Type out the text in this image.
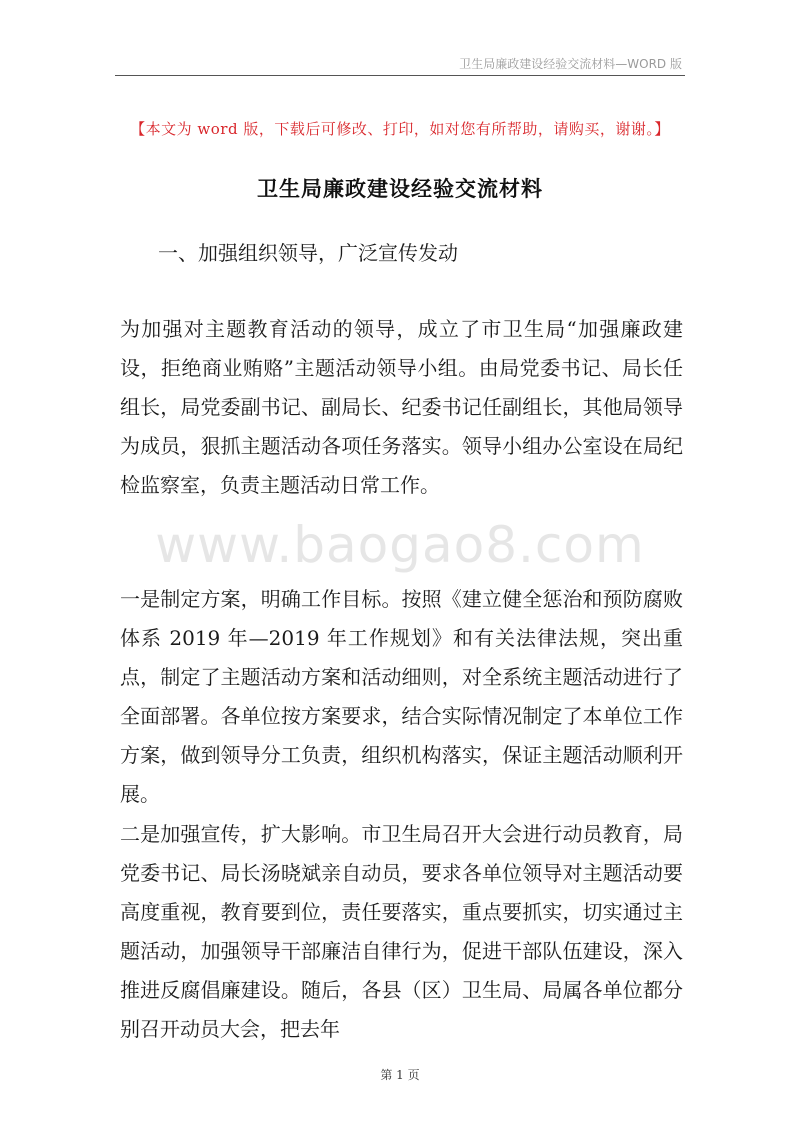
卫生局廉政建设经验交流材料—WORD 版
【本文为 word 版，下载后可修改、打印，如对您有所帮助，请购买，谢谢。】
卫生局廉政建设经验交流材料
一、加强组织领导，广泛宣传发动
为加强对主题教育活动的领导，成立了市卫生局“加强廉政建设，拒绝商业贿赂”主题活动领导小组。由局党委书记、局长任组长，局党委副书记、副局长、纪委书记任副组长，其他局领导为成员，狠抓主题活动各项任务落实。领导小组办公室设在局纪检监察室，负责主题活动日常工作。
www.baogao8.com
一是制定方案，明确工作目标。按照《建立健全惩治和预防腐败体系 2019 年—2019 年工作规划》和有关法律法规，突出重点，制定了主题活动方案和活动细则，对全系统主题活动进行了全面部署。各单位按方案要求，结合实际情况制定了本单位工作方案，做到领导分工负责，组织机构落实，保证主题活动顺利开展。
二是加强宣传，扩大影响。市卫生局召开大会进行动员教育，局党委书记、局长汤晓斌亲自动员，要求各单位领导对主题活动要高度重视，教育要到位，责任要落实，重点要抓实，切实通过主题活动，加强领导干部廉洁自律行为，促进干部队伍建设，深入推进反腐倡廉建设。随后，各县（区）卫生局、局属各单位都分别召开动员大会，把去年
第 1 页
